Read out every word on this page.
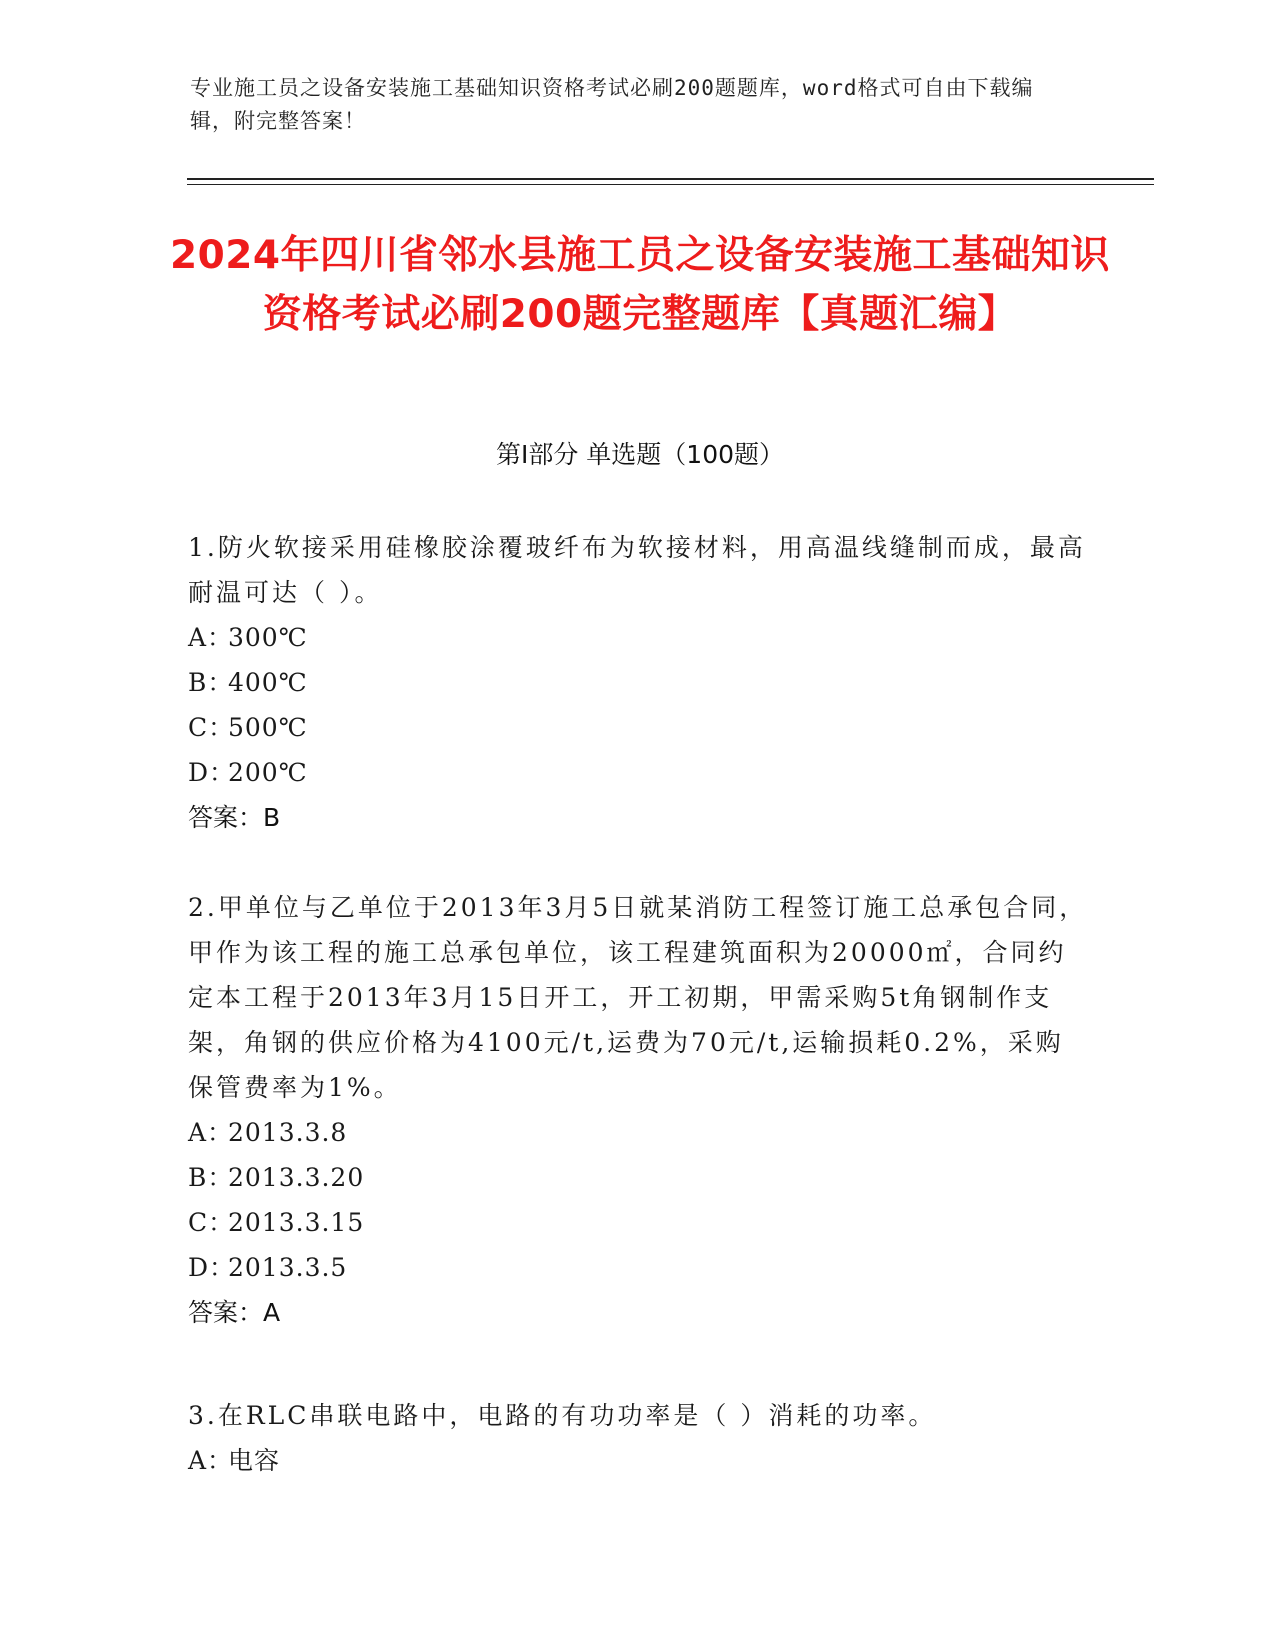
专业施工员之设备安装施工基础知识资格考试必刷200题题库，word格式可自由下载编辑，附完整答案！
2024年四川省邻水县施工员之设备安装施工基础知识资格考试必刷200题完整题库【真题汇编】
第Ⅰ部分 单选题（100题）

1.防火软接采用硅橡胶涂覆玻纤布为软接材料，用高温线缝制而成，最高耐温可达（ ）。

A：300℃

B：400℃

C：500℃

D：200℃

答案：B

2.甲单位与乙单位于2013年3月5日就某消防工程签订施工总承包合同，甲作为该工程的施工总承包单位，该工程建筑面积为20000㎡，合同约定本工程于2013年3月15日开工，开工初期，甲需采购5t角钢制作支架，角钢的供应价格为4100元/t,运费为70元/t,运输损耗0.2%，采购保管费率为1%。

A：2013.3.8

B：2013.3.20

C：2013.3.15

D：2013.3.5

答案：A

3.在RLC串联电路中，电路的有功功率是（ ）消耗的功率。

A：电容
